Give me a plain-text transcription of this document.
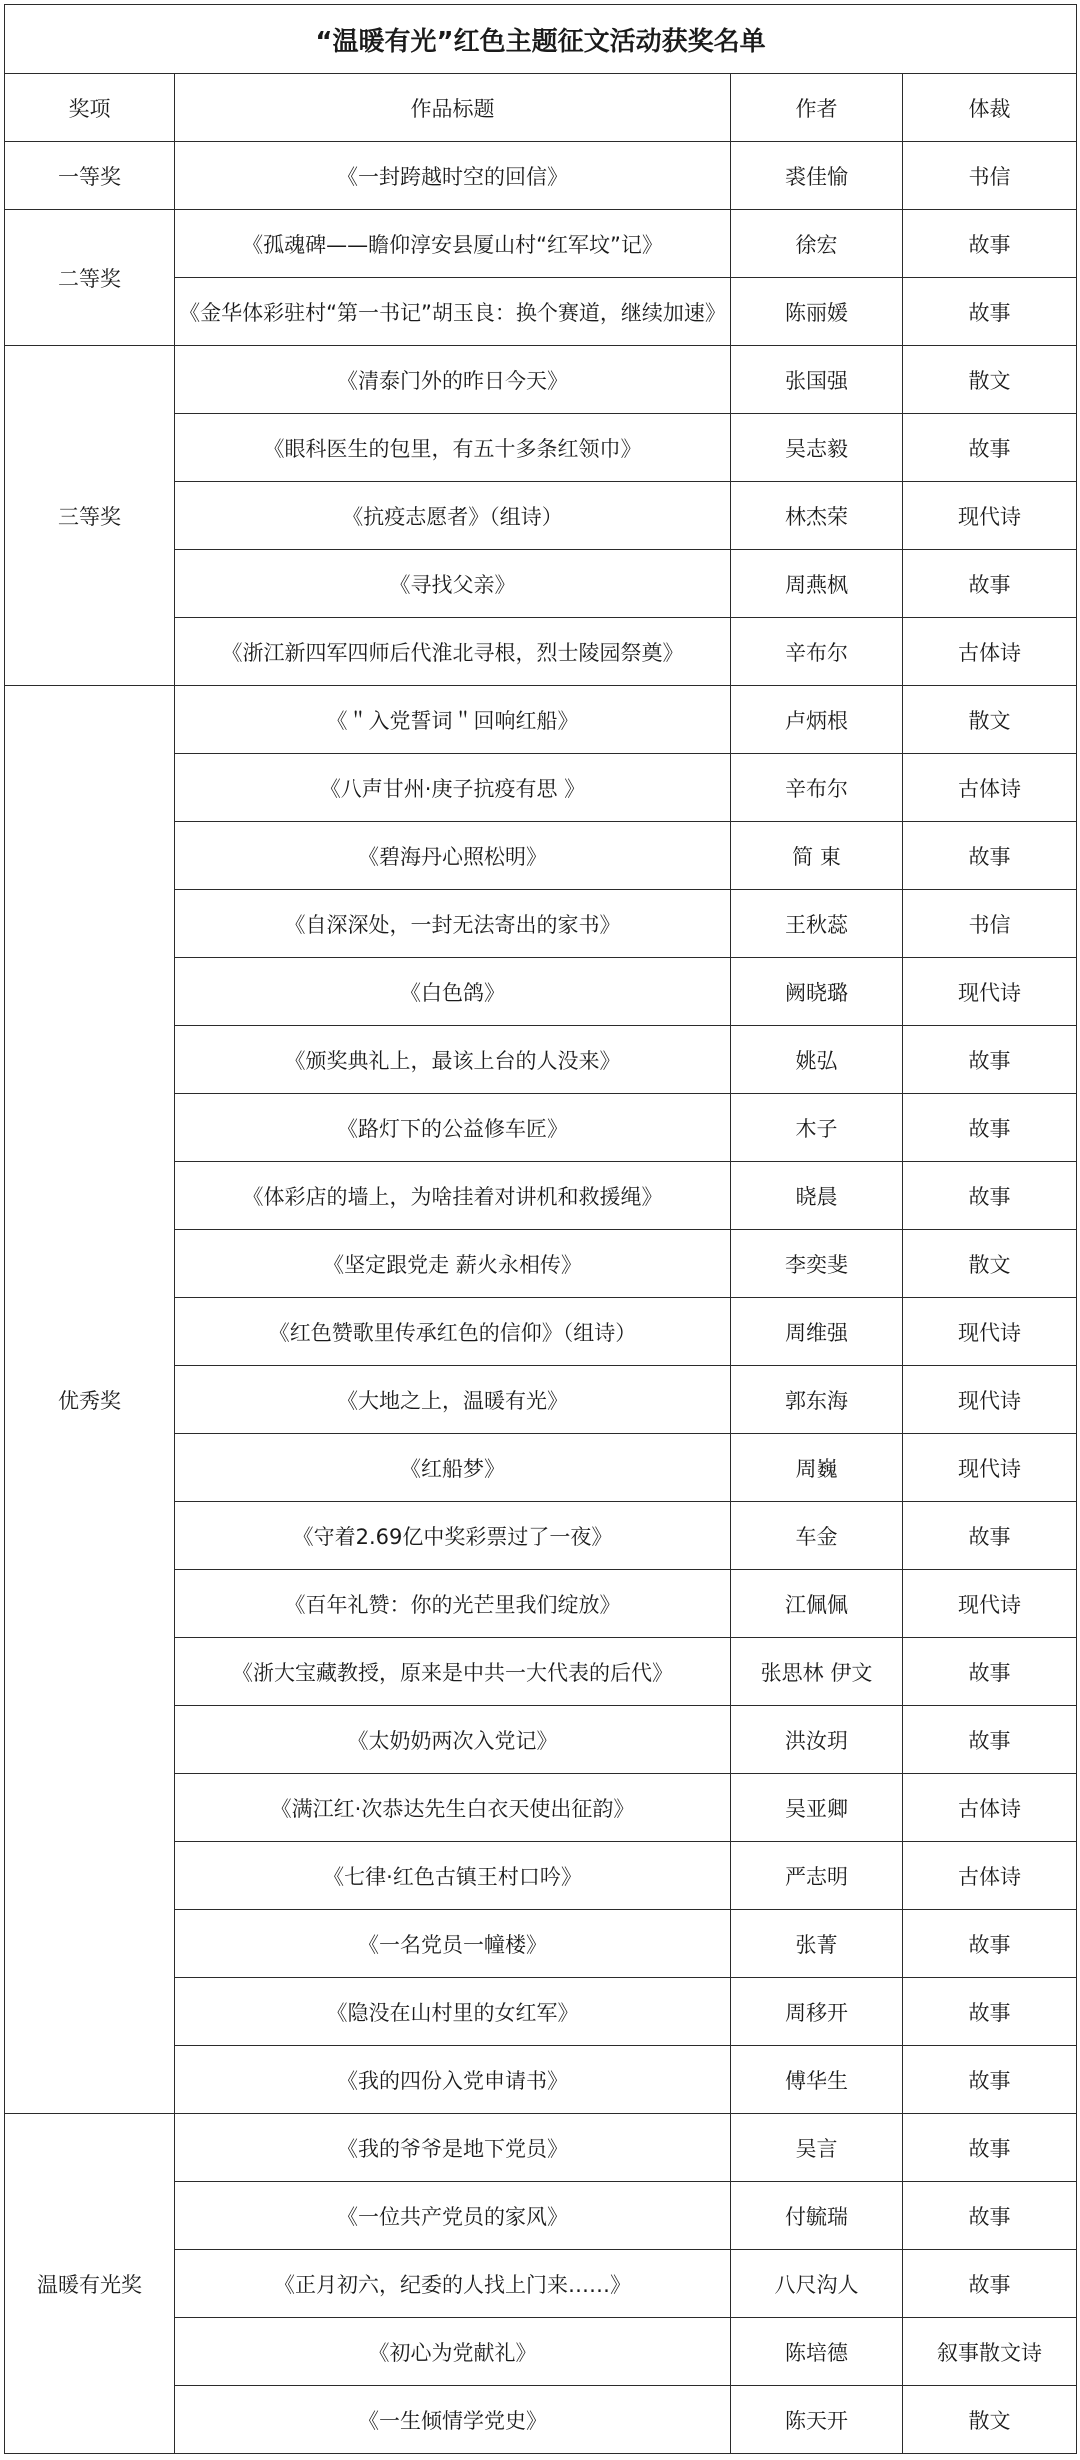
“温暖有光”红色主题征文活动获奖名单			
奖项	作品标题	作者	体裁
一等奖	《一封跨越时空的回信》	裘佳愉	书信
二等奖	《孤魂碑——瞻仰淳安县厦山村“红军坟”记》	徐宏	故事
	《金华体彩驻村“第一书记”胡玉良：换个赛道，继续加速》	陈丽媛	故事
三等奖	《清泰门外的昨日今天》	张国强	散文
	《眼科医生的包里，有五十多条红领巾》	吴志毅	故事
	《抗疫志愿者》（组诗）	林杰荣	现代诗
	《寻找父亲》	周燕枫	故事
	《浙江新四军四师后代淮北寻根，烈士陵园祭奠》	辛布尔	古体诗
优秀奖	《＂入党誓词＂回响红船》	卢炳根	散文
	《八声甘州·庚子抗疫有思 》	辛布尔	古体诗
	《碧海丹心照松明》	简 東	故事
	《自深深处，一封无法寄出的家书》	王秋蕊	书信
	《白色鸽》	阙晓璐	现代诗
	《颁奖典礼上，最该上台的人没来》	姚弘	故事
	《路灯下的公益修车匠》	木子	故事
	《体彩店的墙上，为啥挂着对讲机和救援绳》	晓晨	故事
	《坚定跟党走 薪火永相传》	李奕斐	散文
	《红色赞歌里传承红色的信仰》（组诗）	周维强	现代诗
	《大地之上，温暖有光》	郭东海	现代诗
	《红船梦》	周巍	现代诗
	《守着2.69亿中奖彩票过了一夜》	车金	故事
	《百年礼赞：你的光芒里我们绽放》	江佩佩	现代诗
	《浙大宝藏教授，原来是中共一大代表的后代》	张思林 伊文	故事
	《太奶奶两次入党记》	洪汝玥	故事
	《满江红·次恭达先生白衣天使出征韵》	吴亚卿	古体诗
	《七律·红色古镇王村口吟》	严志明	古体诗
	《一名党员一幢楼》	张菁	故事
	《隐没在山村里的女红军》	周移开	故事
	《我的四份入党申请书》	傅华生	故事
温暖有光奖	《我的爷爷是地下党员》	吴言	故事
	《一位共产党员的家风》	付毓瑞	故事
	《正月初六，纪委的人找上门来……》	八尺沟人	故事
	《初心为党献礼》	陈培德	叙事散文诗
	《一生倾情学党史》	陈天开	散文
